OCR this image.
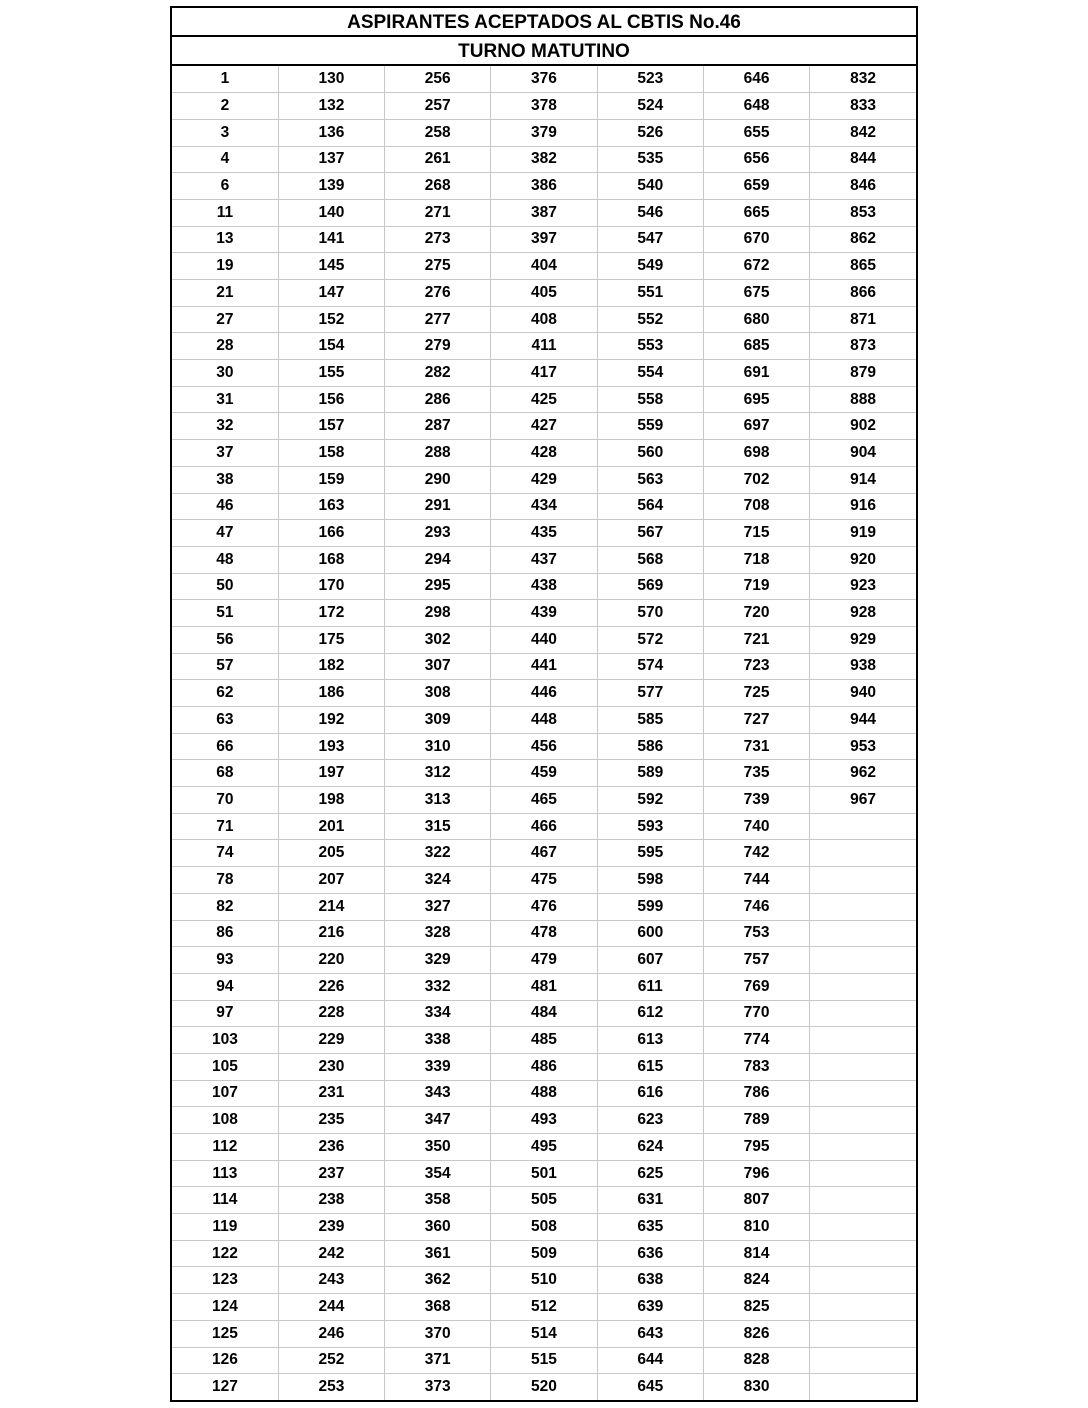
ASPIRANTES ACEPTADOS AL CBTIS No.46
TURNO MATUTINO
1	130	256	376	523	646	832
2	132	257	378	524	648	833
3	136	258	379	526	655	842
4	137	261	382	535	656	844
6	139	268	386	540	659	846
11	140	271	387	546	665	853
13	141	273	397	547	670	862
19	145	275	404	549	672	865
21	147	276	405	551	675	866
27	152	277	408	552	680	871
28	154	279	411	553	685	873
30	155	282	417	554	691	879
31	156	286	425	558	695	888
32	157	287	427	559	697	902
37	158	288	428	560	698	904
38	159	290	429	563	702	914
46	163	291	434	564	708	916
47	166	293	435	567	715	919
48	168	294	437	568	718	920
50	170	295	438	569	719	923
51	172	298	439	570	720	928
56	175	302	440	572	721	929
57	182	307	441	574	723	938
62	186	308	446	577	725	940
63	192	309	448	585	727	944
66	193	310	456	586	731	953
68	197	312	459	589	735	962
70	198	313	465	592	739	967
71	201	315	466	593	740	
74	205	322	467	595	742	
78	207	324	475	598	744	
82	214	327	476	599	746	
86	216	328	478	600	753	
93	220	329	479	607	757	
94	226	332	481	611	769	
97	228	334	484	612	770	
103	229	338	485	613	774	
105	230	339	486	615	783	
107	231	343	488	616	786	
108	235	347	493	623	789	
112	236	350	495	624	795	
113	237	354	501	625	796	
114	238	358	505	631	807	
119	239	360	508	635	810	
122	242	361	509	636	814	
123	243	362	510	638	824	
124	244	368	512	639	825	
125	246	370	514	643	826	
126	252	371	515	644	828	
127	253	373	520	645	830	
